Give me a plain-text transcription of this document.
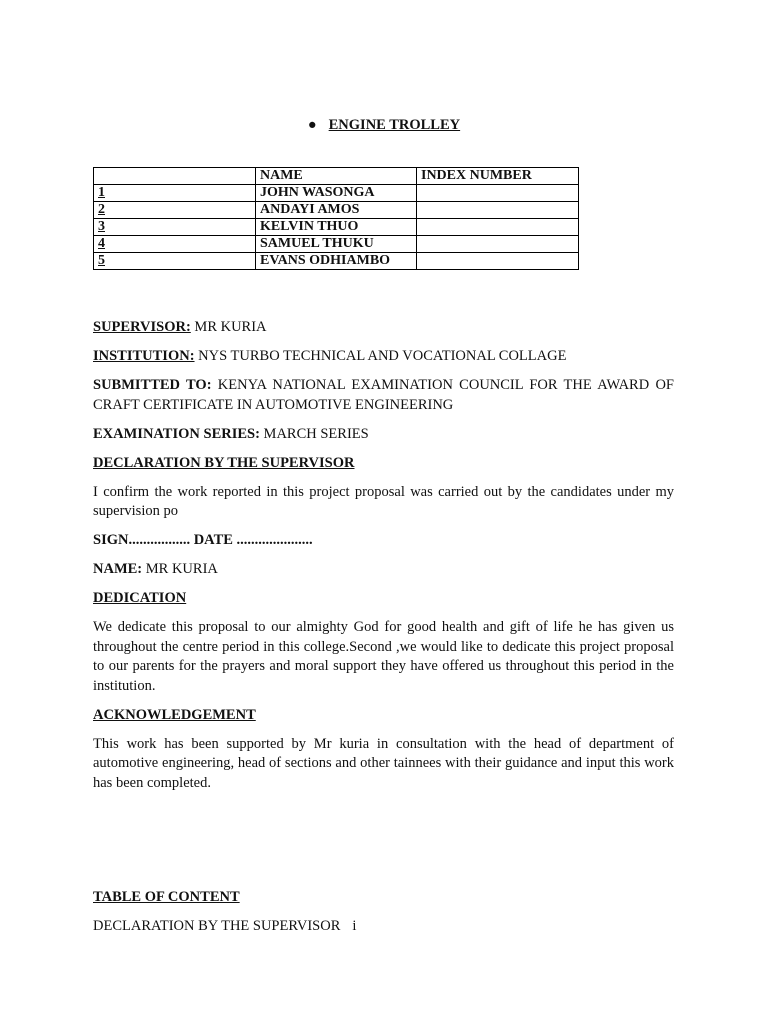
● ENGINE TROLLEY
	NAME	INDEX NUMBER
1	JOHN WASONGA	
2	ANDAYI AMOS	
3	KELVIN THUO	
4	SAMUEL THUKU	
5	EVANS ODHIAMBO	

SUPERVISOR: MR KURIA

INSTITUTION: NYS TURBO TECHNICAL AND VOCATIONAL COLLAGE

SUBMITTED TO: KENYA NATIONAL EXAMINATION COUNCIL FOR THE AWARD OF CRAFT CERTIFICATE IN AUTOMOTIVE ENGINEERING

EXAMINATION SERIES: MARCH SERIES

DECLARATION BY THE SUPERVISOR

I confirm the work reported in this project proposal was carried out by the candidates under my supervision po

SIGN................. DATE .....................

NAME: MR KURIA

DEDICATION

We dedicate this proposal to our almighty God for good health and gift of life he has given us throughout the centre period in this college.Second ,we would like to dedicate this project proposal to our parents for the prayers and moral support they have offered us throughout this period in the institution.

ACKNOWLEDGEMENT

This work has been supported by Mr kuria in consultation with the head of department of automotive engineering, head of sections and other tainnees with their guidance and input this work has been completed.

TABLE OF CONTENT
DECLARATION BY THE SUPERVISOR i
